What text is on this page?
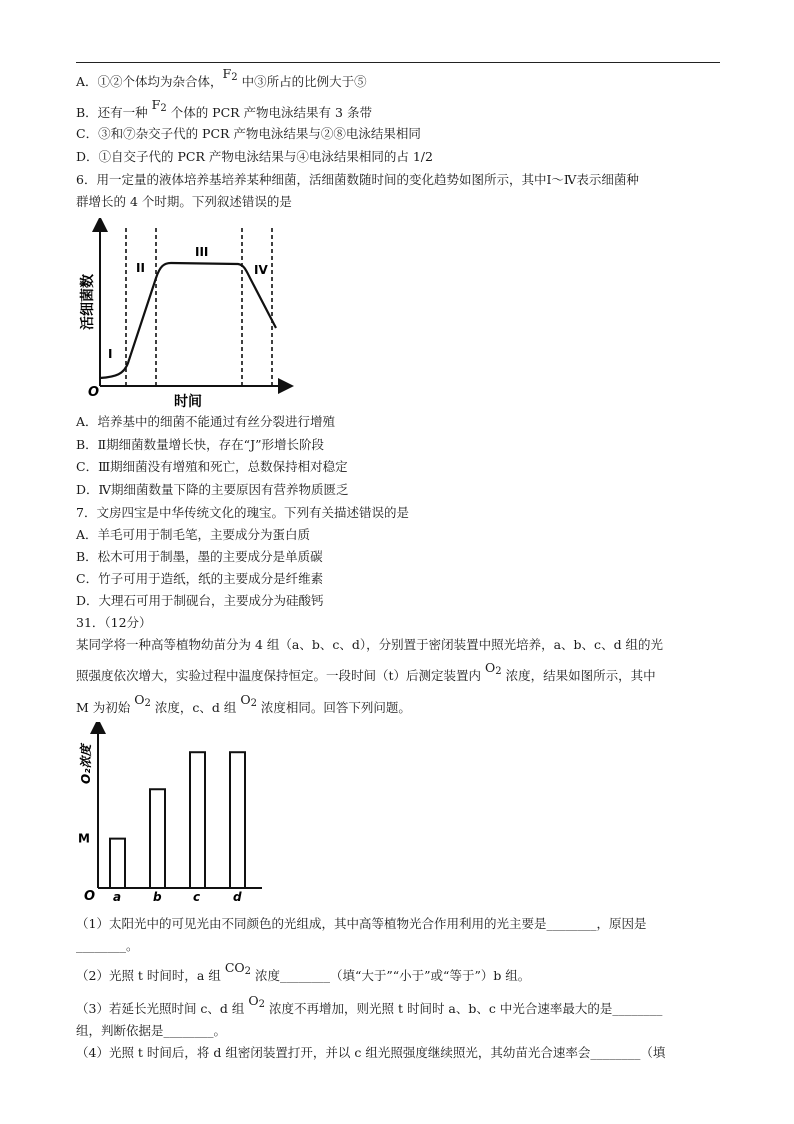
A．①②个体均为杂合体，$F_2$ 中③所占的比例大于⑤
B．还有一种 $F_2$ 个体的 PCR 产物电泳结果有 3 条带
C．③和⑦杂交子代的 PCR 产物电泳结果与②⑧电泳结果相同
D．①自交子代的 PCR 产物电泳结果与④电泳结果相同的占 1/2
6．用一定量的液体培养基培养某种细菌，活细菌数随时间的变化趋势如图所示，其中Ⅰ～Ⅳ表示细菌种
群增长的 4 个时期。下列叙述错误的是
O
I
II
III
IV
活细菌数
时间
A．培养基中的细菌不能通过有丝分裂进行增殖
B．Ⅱ期细菌数量增长快，存在“J”形增长阶段
C．Ⅲ期细菌没有增殖和死亡，总数保持相对稳定
D．Ⅳ期细菌数量下降的主要原因有营养物质匮乏
7．文房四宝是中华传统文化的瑰宝。下列有关描述错误的是
A．羊毛可用于制毛笔，主要成分为蛋白质
B．松木可用于制墨，墨的主要成分是单质碳
C．竹子可用于造纸，纸的主要成分是纤维素
D．大理石可用于制砚台，主要成分为硅酸钙
31．（12分）
某同学将一种高等植物幼苗分为 4 组（a、b、c、d），分别置于密闭装置中照光培养，a、b、c、d 组的光
照强度依次增大，实验过程中温度保持恒定。一段时间（t）后测定装置内 $O_2$ 浓度，结果如图所示，其中
M 为初始 $O_2$ 浓度，c、d 组 $O_2$ 浓度相同。回答下列问题。
O₂浓度
O
M
a	b	c	d
（1）太阳光中的可见光由不同颜色的光组成，其中高等植物光合作用利用的光主要是________，原因是
________。
（2）光照 t 时间时，a 组 $CO_2$ 浓度________（填“大于”“小于”或“等于”）b 组。
（3）若延长光照时间 c、d 组 $O_2$ 浓度不再增加，则光照 t 时间时 a、b、c 中光合速率最大的是________
组，判断依据是________。
（4）光照 t 时间后，将 d 组密闭装置打开，并以 c 组光照强度继续照光，其幼苗光合速率会________（填
